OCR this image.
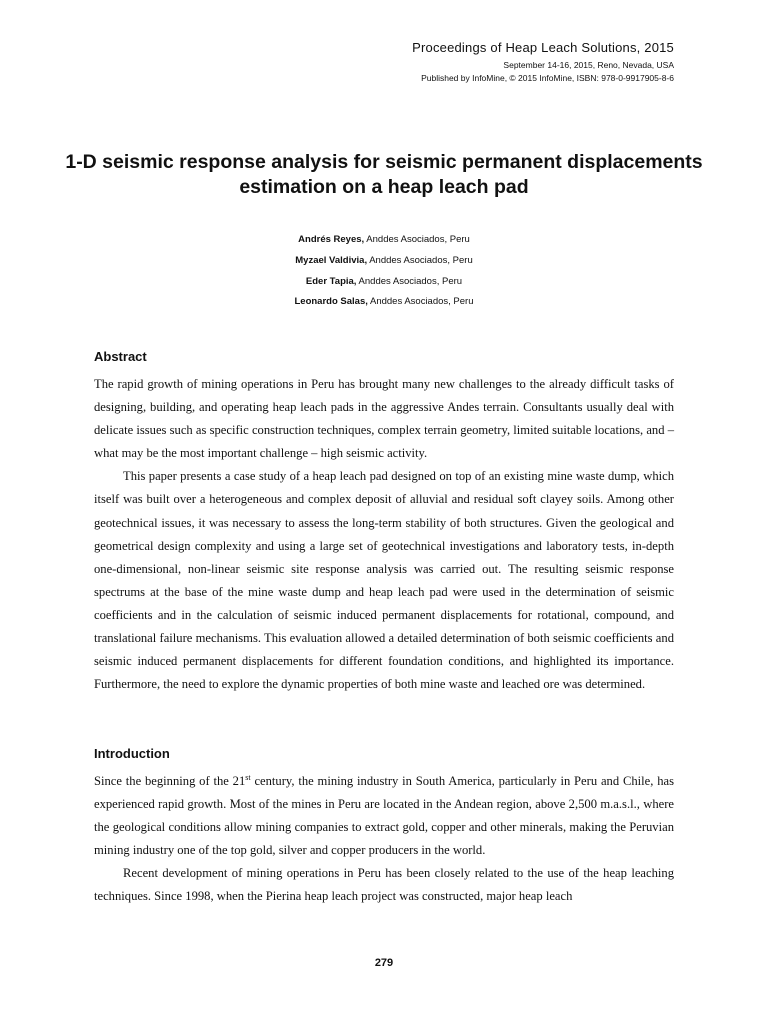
Proceedings of Heap Leach Solutions, 2015
September 14-16, 2015, Reno, Nevada, USA
Published by InfoMine, © 2015 InfoMine, ISBN: 978-0-9917905-8-6
1-D seismic response analysis for seismic permanent displacements estimation on a heap leach pad
Andrés Reyes, Anddes Asociados, Peru
Myzael Valdivia, Anddes Asociados, Peru
Eder Tapia, Anddes Asociados, Peru
Leonardo Salas, Anddes Asociados, Peru
Abstract

The rapid growth of mining operations in Peru has brought many new challenges to the already difficult tasks of designing, building, and operating heap leach pads in the aggressive Andes terrain. Consultants usually deal with delicate issues such as specific construction techniques, complex terrain geometry, limited suitable locations, and – what may be the most important challenge – high seismic activity.

This paper presents a case study of a heap leach pad designed on top of an existing mine waste dump, which itself was built over a heterogeneous and complex deposit of alluvial and residual soft clayey soils. Among other geotechnical issues, it was necessary to assess the long-term stability of both structures. Given the geological and geometrical design complexity and using a large set of geotechnical investigations and laboratory tests, in-depth one-dimensional, non-linear seismic site response analysis was carried out. The resulting seismic response spectrums at the base of the mine waste dump and heap leach pad were used in the determination of seismic coefficients and in the calculation of seismic induced permanent displacements for rotational, compound, and translational failure mechanisms. This evaluation allowed a detailed determination of both seismic coefficients and seismic induced permanent displacements for different foundation conditions, and highlighted its importance. Furthermore, the need to explore the dynamic properties of both mine waste and leached ore was determined.

Introduction

Since the beginning of the 21st century, the mining industry in South America, particularly in Peru and Chile, has experienced rapid growth. Most of the mines in Peru are located in the Andean region, above 2,500 m.a.s.l., where the geological conditions allow mining companies to extract gold, copper and other minerals, making the Peruvian mining industry one of the top gold, silver and copper producers in the world.

Recent development of mining operations in Peru has been closely related to the use of the heap leaching techniques. Since 1998, when the Pierina heap leach project was constructed, major heap leach

279
